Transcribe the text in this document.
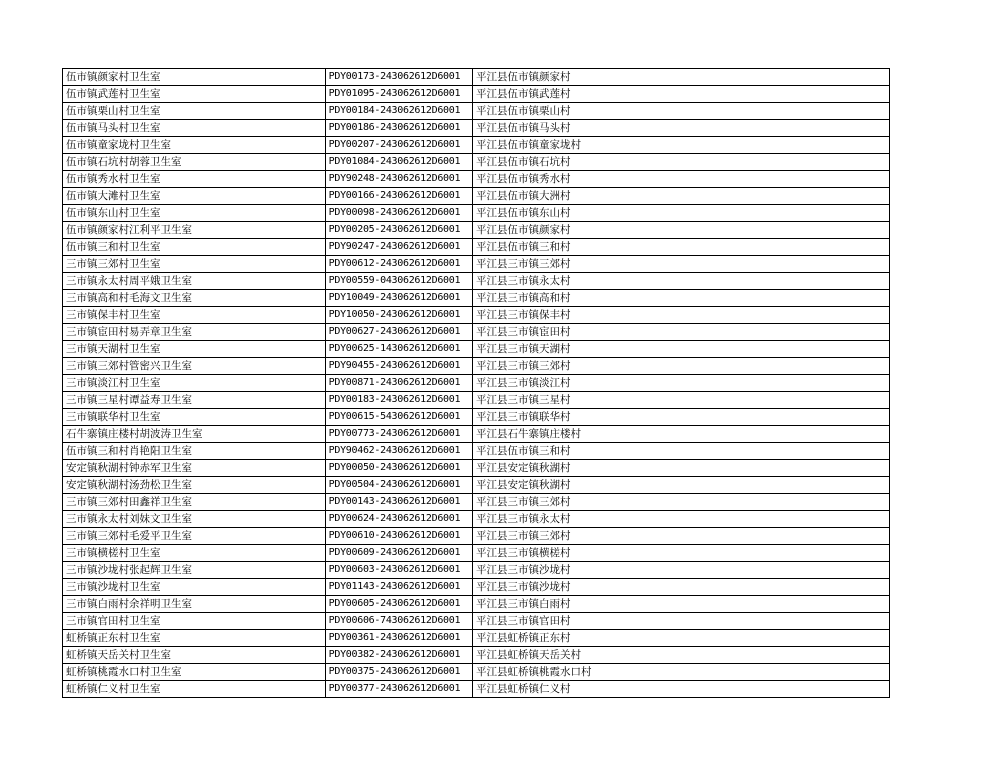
伍市镇颜家村卫生室	PDY00173-243062612D6001	平江县伍市镇颜家村
伍市镇武莲村卫生室	PDY01095-243062612D6001	平江县伍市镇武莲村
伍市镇栗山村卫生室	PDY00184-243062612D6001	平江县伍市镇栗山村
伍市镇马头村卫生室	PDY00186-243062612D6001	平江县伍市镇马头村
伍市镇童家垅村卫生室	PDY00207-243062612D6001	平江县伍市镇童家垅村
伍市镇石坑村胡蓉卫生室	PDY01084-243062612D6001	平江县伍市镇石坑村
伍市镇秀水村卫生室	PDY90248-243062612D6001	平江县伍市镇秀水村
伍市镇大滩村卫生室	PDY00166-243062612D6001	平江县伍市镇大洲村
伍市镇东山村卫生室	PDY00098-243062612D6001	平江县伍市镇东山村
伍市镇颜家村江利平卫生室	PDY00205-243062612D6001	平江县伍市镇颜家村
伍市镇三和村卫生室	PDY90247-243062612D6001	平江县伍市镇三和村
三市镇三郊村卫生室	PDY00612-243062612D6001	平江县三市镇三郊村
三市镇永太村周平娥卫生室	PDY00559-043062612D6001	平江县三市镇永太村
三市镇高和村毛海文卫生室	PDY10049-243062612D6001	平江县三市镇高和村
三市镇保丰村卫生室	PDY10050-243062612D6001	平江县三市镇保丰村
三市镇宦田村易弄章卫生室	PDY00627-243062612D6001	平江县三市镇宦田村
三市镇天湖村卫生室	PDY00625-143062612D6001	平江县三市镇天湖村
三市镇三郊村管密兴卫生室	PDY90455-243062612D6001	平江县三市镇三郊村
三市镇淡江村卫生室	PDY00871-243062612D6001	平江县三市镇淡江村
三市镇三星村谭益寿卫生室	PDY00183-243062612D6001	平江县三市镇三星村
三市镇联华村卫生室	PDY00615-543062612D6001	平江县三市镇联华村
石牛寨镇庄楼村胡波涛卫生室	PDY00773-243062612D6001	平江县石牛寨镇庄楼村
伍市镇三和村肖艳阳卫生室	PDY90462-243062612D6001	平江县伍市镇三和村
安定镇秋湖村钟赤军卫生室	PDY00050-243062612D6001	平江县安定镇秋湖村
安定镇秋湖村汤劲松卫生室	PDY00504-243062612D6001	平江县安定镇秋湖村
三市镇三郊村田鑫祥卫生室	PDY00143-243062612D6001	平江县三市镇三郊村
三市镇永太村刘妹文卫生室	PDY00624-243062612D6001	平江县三市镇永太村
三市镇三郊村毛爱平卫生室	PDY00610-243062612D6001	平江县三市镇三郊村
三市镇横槎村卫生室	PDY00609-243062612D6001	平江县三市镇横槎村
三市镇沙垅村张起辉卫生室	PDY00603-243062612D6001	平江县三市镇沙垅村
三市镇沙垅村卫生室	PDY01143-243062612D6001	平江县三市镇沙垅村
三市镇白雨村余祥明卫生室	PDY00605-243062612D6001	平江县三市镇白雨村
三市镇官田村卫生室	PDY00606-743062612D6001	平江县三市镇官田村
虹桥镇正东村卫生室	PDY00361-243062612D6001	平江县虹桥镇正东村
虹桥镇天岳关村卫生室	PDY00382-243062612D6001	平江县虹桥镇天岳关村
虹桥镇桃霞水口村卫生室	PDY00375-243062612D6001	平江县虹桥镇桃霞水口村
虹桥镇仁义村卫生室	PDY00377-243062612D6001	平江县虹桥镇仁义村
